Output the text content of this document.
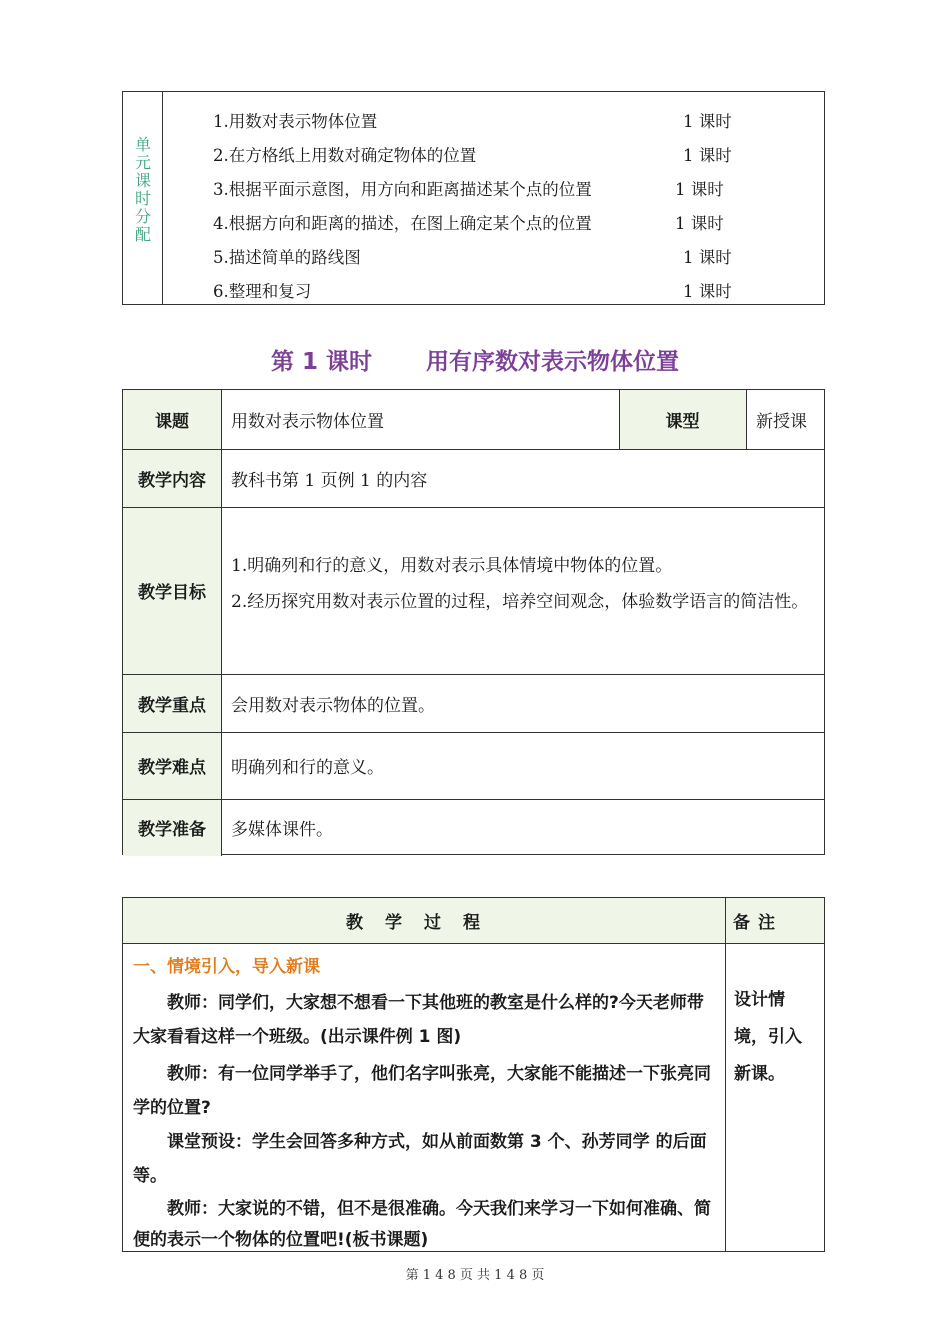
单元课时分配
1.用数对表示物体位置	1 课时
2.在方格纸上用数对确定物体的位置	1 课时
3.根据平面示意图，用方向和距离描述某个点的位置	1 课时
4.根据方向和距离的描述，在图上确定某个点的位置	1 课时
5.描述简单的路线图	1 课时
6.整理和复习	1 课时
第 1 课时 用有序数对表示物体位置
课题	用数对表示物体位置	课型	新授课
教学内容	教科书第 1 页例 1 的内容
教学目标
1.明确列和行的意义，用数对表示具体情境中物体的位置。
2.经历探究用数对表示位置的过程，培养空间观念，体验数学语言的简洁性。
教学重点	会用数对表示物体的位置。
教学难点	明确列和行的意义。
教学准备	多媒体课件。
教学过程	备注
一、情境引入，导入新课
教师：同学们，大家想不想看一下其他班的教室是什么样的?今天老师带大家看看这样一个班级。(出示课件例 1 图)
教师：有一位同学举手了，他们名字叫张亮，大家能不能描述一下张亮同学的位置?
课堂预设：学生会回答多种方式，如从前面数第 3 个、孙芳同学 的后面等。
教师：大家说的不错，但不是很准确。今天我们来学习一下如何准确、简便的表示一个物体的位置吧!(板书课题)
设计情境，引入新课。
第 1 4 8 页 共 1 4 8 页
